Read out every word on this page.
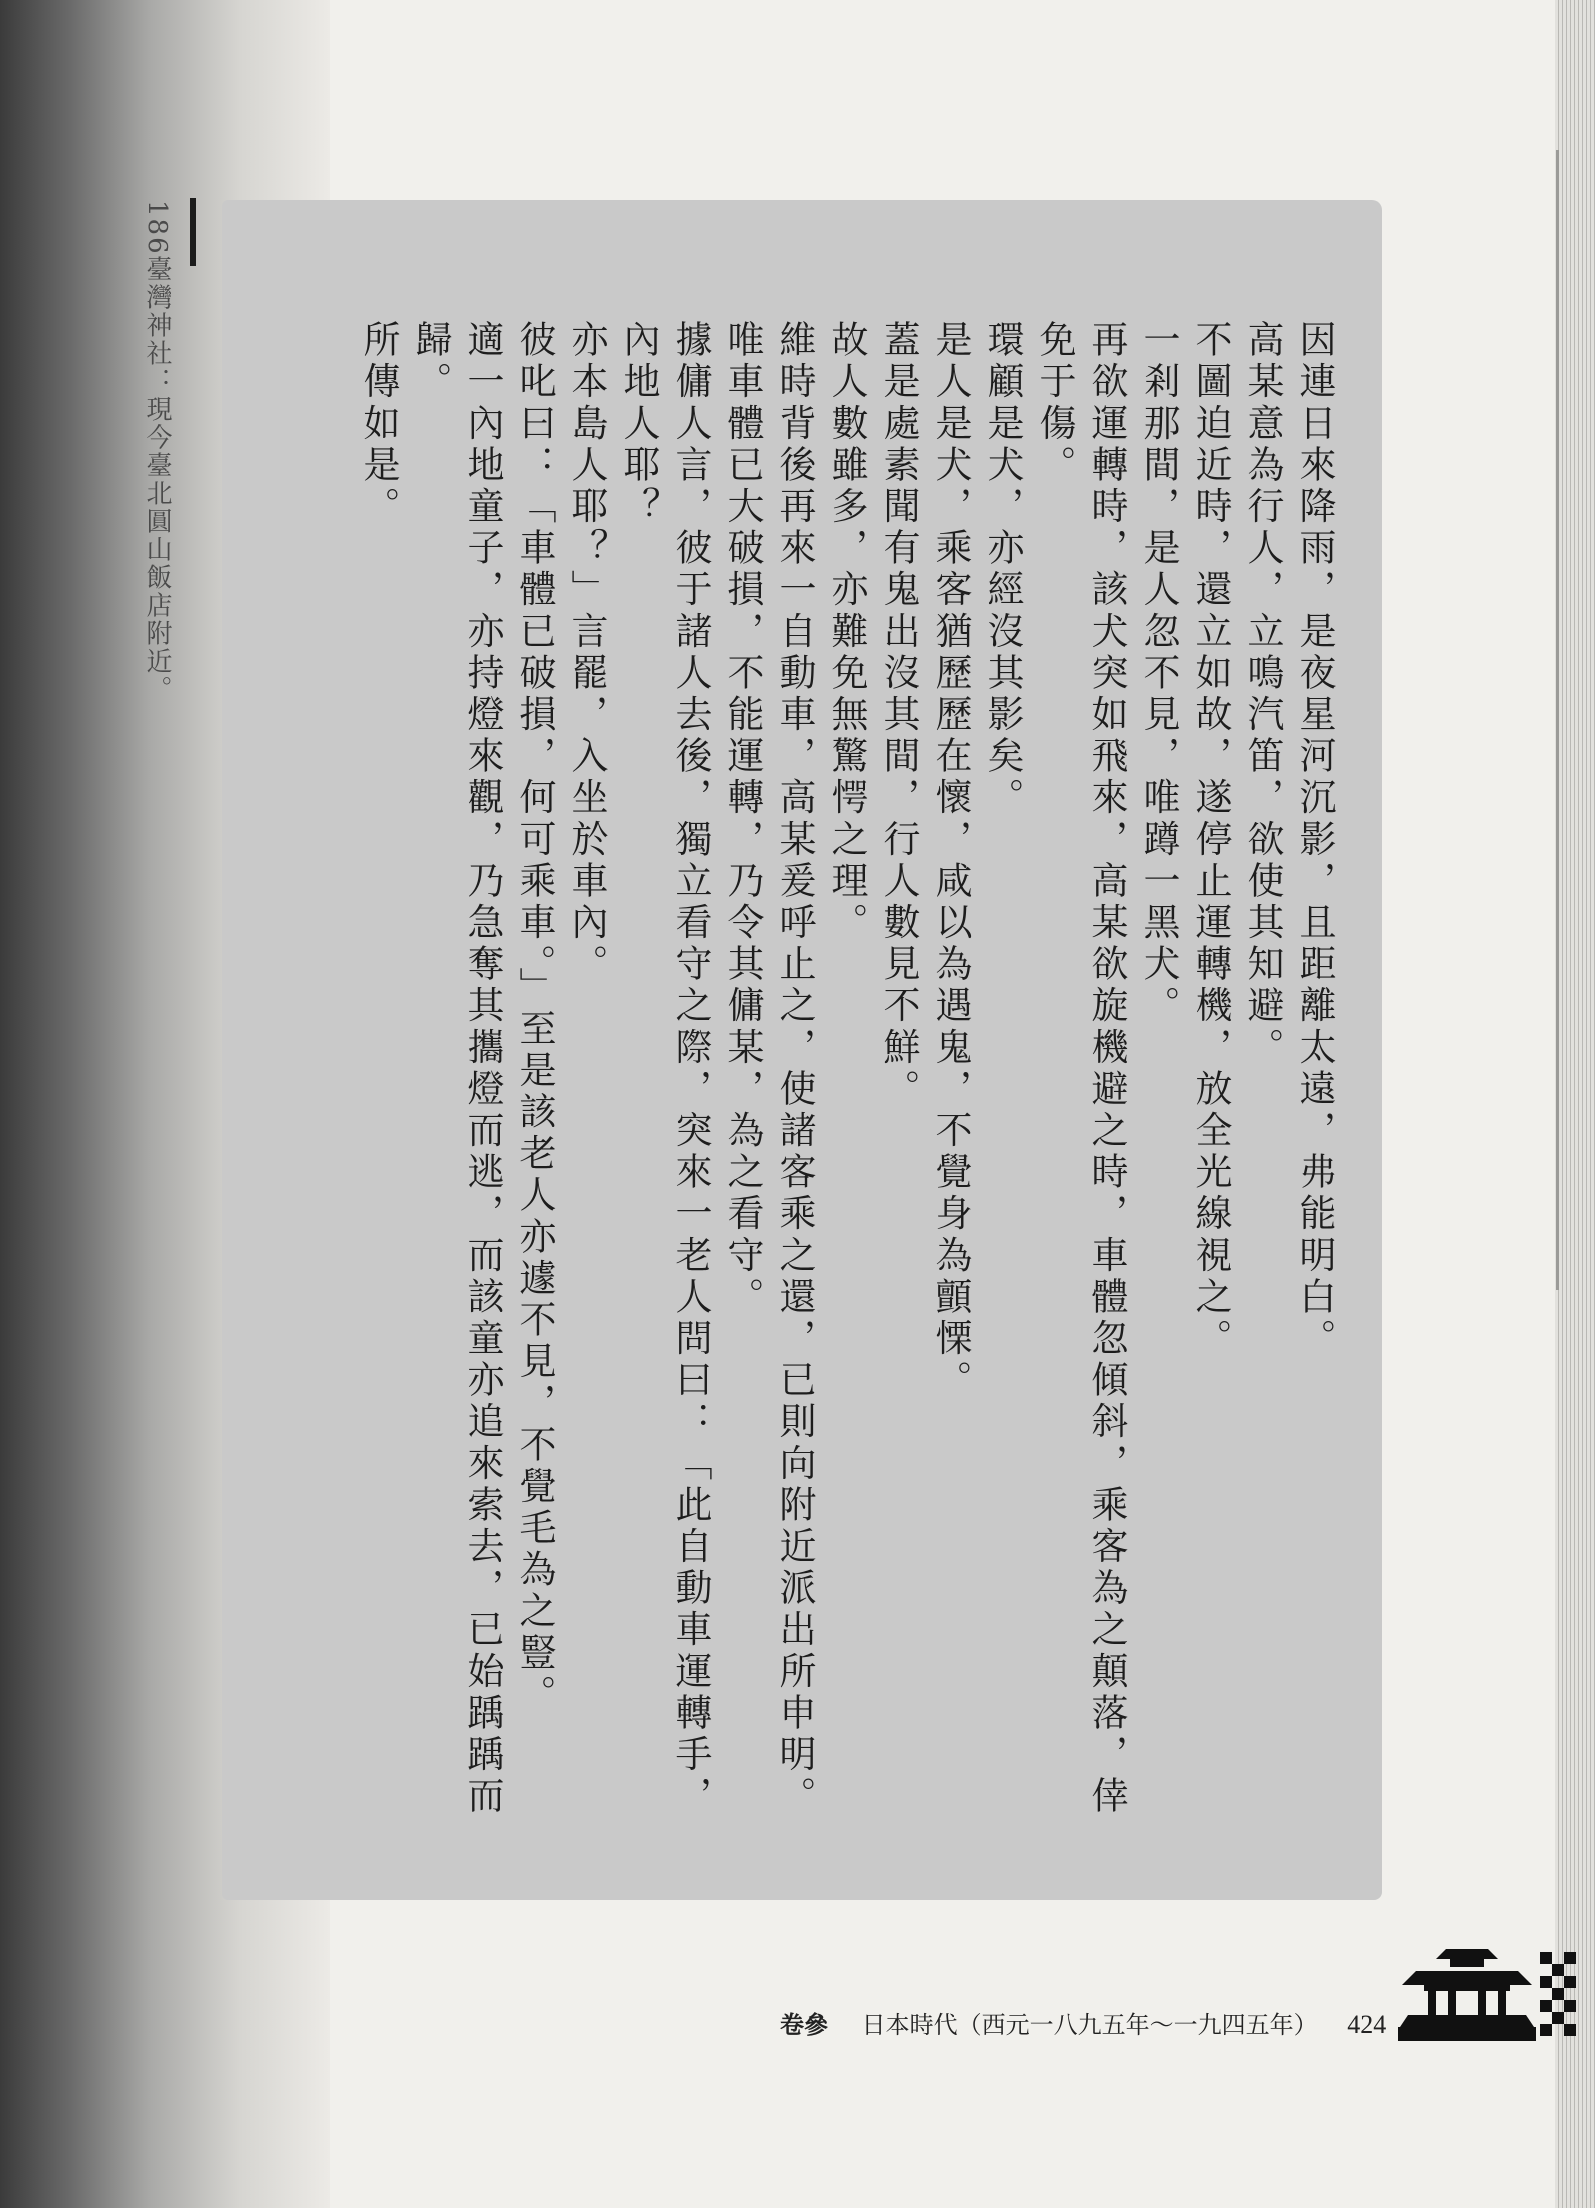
186臺灣神社：現今臺北圓山飯店附近。	因連日來降雨，是夜星河沉影，且距離太遠，弗能明白。

高某意為行人，立鳴汽笛，欲使其知避。

不圖迫近時，還立如故，遂停止運轉機，放全光線視之。

一剎那間，是人忽不見，唯蹲一黑犬。

再欲運轉時，該犬突如飛來，高某欲旋機避之時，車體忽傾斜，乘客為之顛落，倖免于傷。

環顧是犬，亦經沒其影矣。

是人是犬，乘客猶歷歷在懷，咸以為遇鬼，不覺身為顫慄。

蓋是處素聞有鬼出沒其間，行人數見不鮮。

故人數雖多，亦難免無驚愕之理。

維時背後再來一自動車，高某爰呼止之，使諸客乘之還，已則向附近派出所申明。

唯車體已大破損，不能運轉，乃令其傭某，為之看守。

據傭人言，彼于諸人去後，獨立看守之際，突來一老人問曰：「此自動車運轉手，內地人耶？

亦本島人耶？」言罷，入坐於車內。

彼叱曰：「車體已破損，何可乘車。」至是該老人亦遽不見，不覺毛為之豎。

適一內地童子，亦持燈來觀，乃急奪其攜燈而逃，而該童亦追來索去，已始踽踽而歸。

所傳如是。

卷參 日本時代（西元一八九五年～一九四五年） 424
